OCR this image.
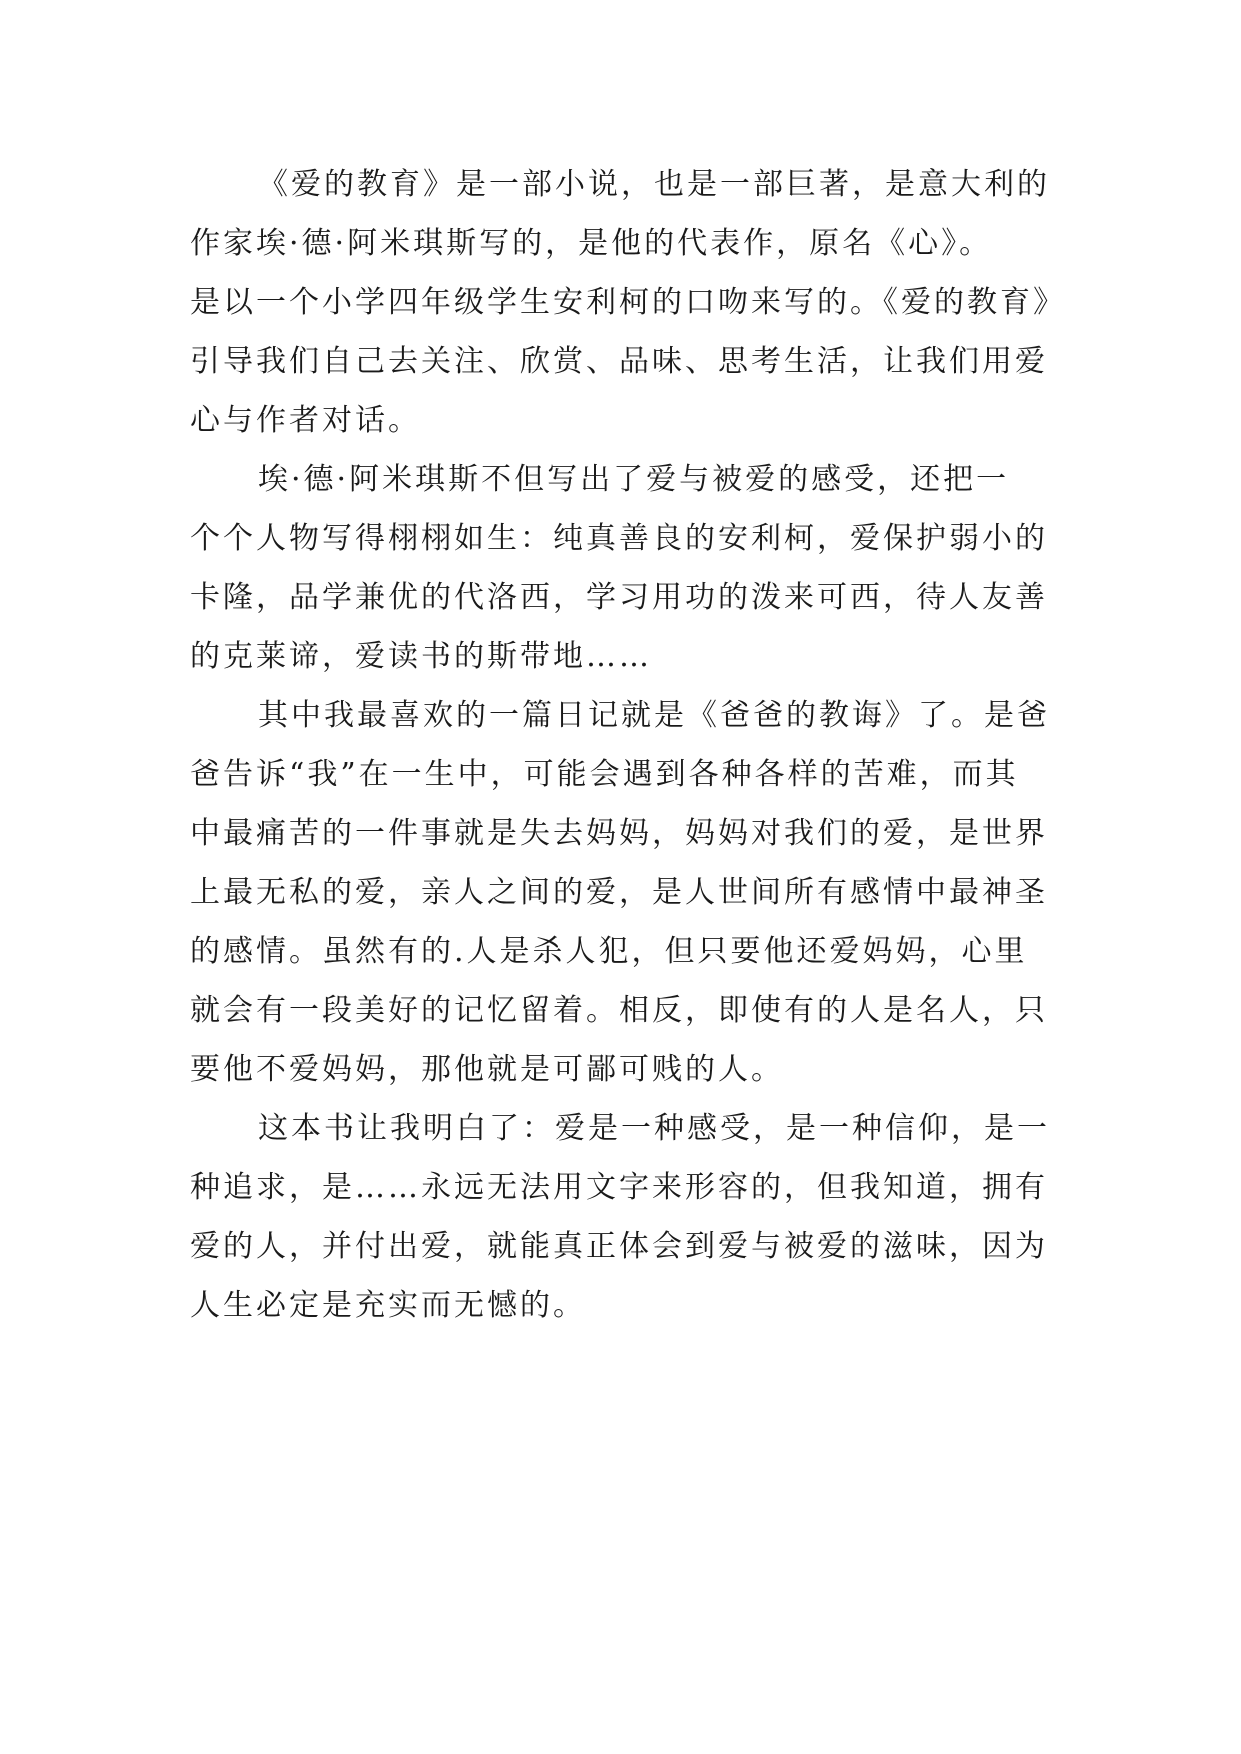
《爱的教育》是一部小说，也是一部巨著，是意大利的
作家埃·德·阿米琪斯写的，是他的代表作，原名《心》。
是以一个小学四年级学生安利柯的口吻来写的。《爱的教育》
引导我们自己去关注、欣赏、品味、思考生活，让我们用爱
心与作者对话。
埃·德·阿米琪斯不但写出了爱与被爱的感受，还把一
个个人物写得栩栩如生：纯真善良的安利柯，爱保护弱小的
卡隆，品学兼优的代洛西，学习用功的泼来可西，待人友善
的克莱谛，爱读书的斯带地……
其中我最喜欢的一篇日记就是《爸爸的教诲》了。是爸
爸告诉“我”在一生中，可能会遇到各种各样的苦难，而其
中最痛苦的一件事就是失去妈妈，妈妈对我们的爱，是世界
上最无私的爱，亲人之间的爱，是人世间所有感情中最神圣
的感情。虽然有的.人是杀人犯，但只要他还爱妈妈，心里
就会有一段美好的记忆留着。相反，即使有的人是名人，只
要他不爱妈妈，那他就是可鄙可贱的人。
这本书让我明白了：爱是一种感受，是一种信仰，是一
种追求，是……永远无法用文字来形容的，但我知道，拥有
爱的人，并付出爱，就能真正体会到爱与被爱的滋味，因为
人生必定是充实而无憾的。
